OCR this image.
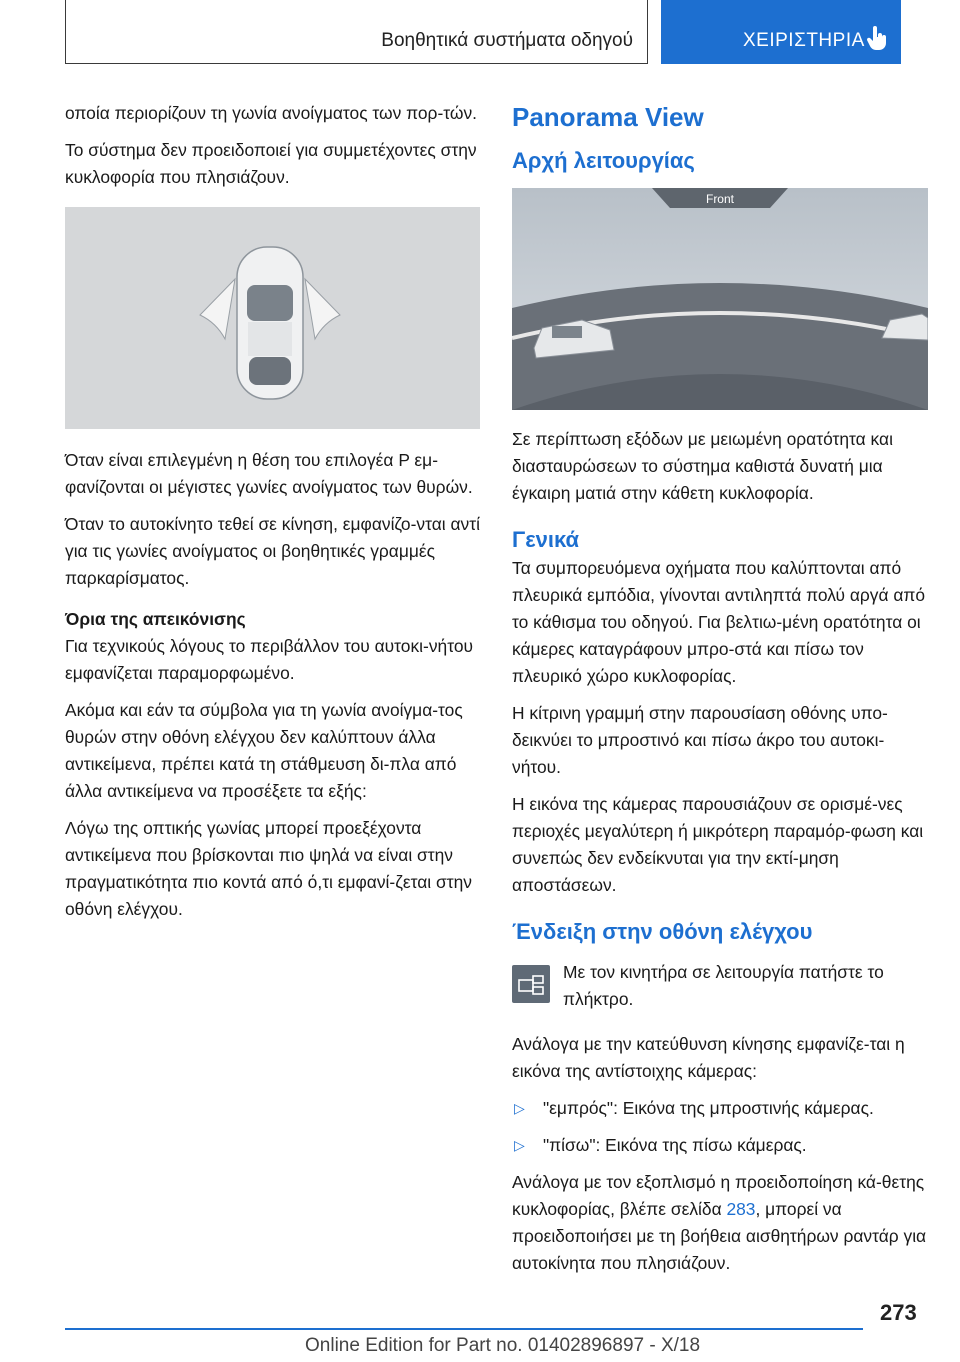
Βοηθητικά συστήματα οδηγού	ΧΕΙΡΙΣΤΗΡΙΑ

οποία περιορίζουν τη γωνία ανοίγματος των πορ-τών.

Το σύστημα δεν προειδοποιεί για συμμετέχοντες στην κυκλοφορία που πλησιάζουν.

Όταν είναι επιλεγμένη η θέση του επιλογέα P εμ-φανίζονται οι μέγιστες γωνίες ανοίγματος των θυρών.

Όταν το αυτοκίνητο τεθεί σε κίνηση, εμφανίζο-νται αντί για τις γωνίες ανοίγματος οι βοηθητικές γραμμές παρκαρίσματος.

Όρια της απεικόνισης

Για τεχνικούς λόγους το περιβάλλον του αυτοκι-νήτου εμφανίζεται παραμορφωμένο.

Ακόμα και εάν τα σύμβολα για τη γωνία ανοίγμα-τος θυρών στην οθόνη ελέγχου δεν καλύπτουν άλλα αντικείμενα, πρέπει κατά τη στάθμευση δι-πλα από άλλα αντικείμενα να προσέξετε τα εξής:

Λόγω της οπτικής γωνίας μπορεί προεξέχοντα αντικείμενα που βρίσκονται πιο ψηλά να είναι στην πραγματικότητα πιο κοντά από ό,τι εμφανί-ζεται στην οθόνη ελέγχου.

Panorama View
Αρχή λειτουργίας
Front

Σε περίπτωση εξόδων με μειωμένη ορατότητα και διασταυρώσεων το σύστημα καθιστά δυνατή μια έγκαιρη ματιά στην κάθετη κυκλοφορία.

Γενικά

Τα συμπορευόμενα οχήματα που καλύπτονται από πλευρικά εμπόδια, γίνονται αντιληπτά πολύ αργά από το κάθισμα του οδηγού. Για βελτιω-μένη ορατότητα οι κάμερες καταγράφουν μπρο-στά και πίσω τον πλευρικό χώρο κυκλοφορίας.

Η κίτρινη γραμμή στην παρουσίαση οθόνης υπο-δεικνύει το μπροστινό και πίσω άκρο του αυτοκι-νήτου.

Η εικόνα της κάμερας παρουσιάζουν σε ορισμέ-νες περιοχές μεγαλύτερη ή μικρότερη παραμόρ-φωση και συνεπώς δεν ενδείκνυται για την εκτί-μηση αποστάσεων.

Ένδειξη στην οθόνη ελέγχου

Με τον κινητήρα σε λειτουργία πατήστε το πλήκτρο.

Ανάλογα με την κατεύθυνση κίνησης εμφανίζε-ται η εικόνα της αντίστοιχης κάμερας:

▷	"εμπρός": Εικόνα της μπροστινής κάμερας.

▷	"πίσω": Εικόνα της πίσω κάμερας.

Ανάλογα με τον εξοπλισμό η προειδοποίηση κά-θετης κυκλοφορίας, βλέπε σελίδα 283, μπορεί να προειδοποιήσει με τη βοήθεια αισθητήρων ραντάρ για αυτοκίνητα που πλησιάζουν.

273
Online Edition for Part no. 01402896897 - X/18
